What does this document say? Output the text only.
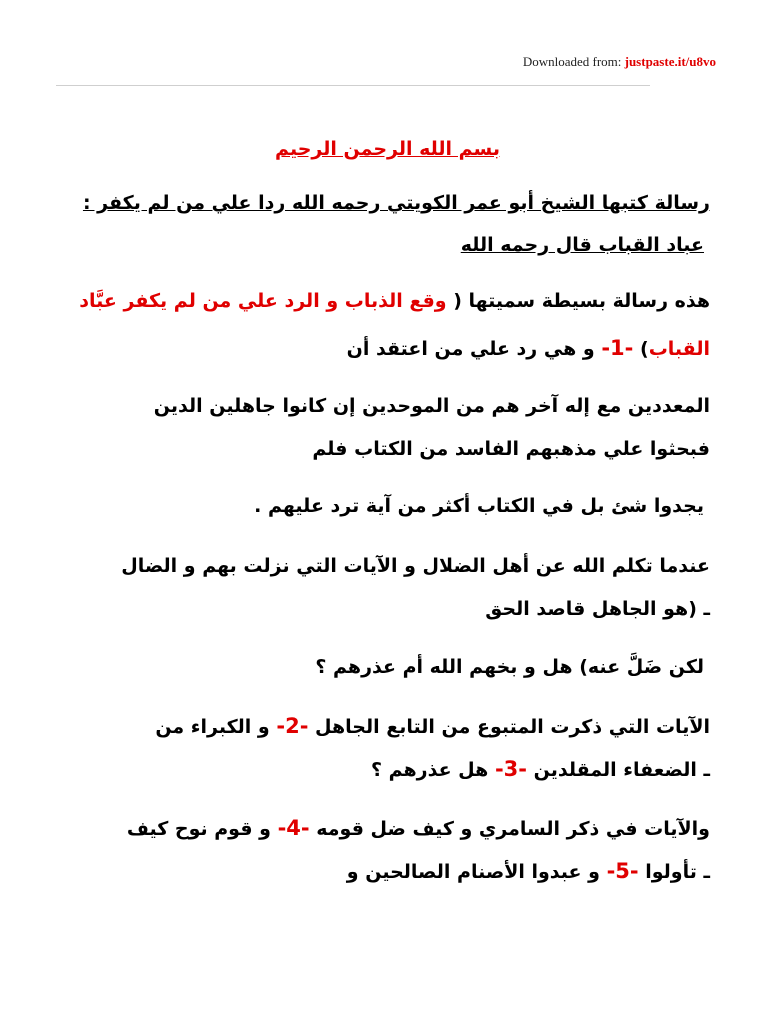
Downloaded from: justpaste.it/u8vo
بسم الله الرحمن الرحيم
رسالة كتبها الشيخ أبو عمر الكويتي رحمه الله ردا علي من لم يكفر :
عباد القباب قال رحمه الله
هذه رسالة بسيطة سميتها ( وقع الذباب و الرد علي من لم يكفر عبَّاد
القباب) -1- و هي رد علي من اعتقد أن
المعددين مع إله آخر هم من الموحدين إن كانوا جاهلين الدين
فبحثوا علي مذهبهم الفاسد من الكتاب فلم
يجدوا شئ بل في الكتاب أكثر من آية ترد عليهم .
عندما تكلم الله عن أهل الضلال و الآيات التي نزلت بهم و الضال
ـ (هو الجاهل قاصد الحق
لكن ضَلَّ عنه) هل و بخهم الله أم عذرهم ؟
الآيات التي ذكرت المتبوع من التابع الجاهل -2- و الكبراء من
ـ الضعفاء المقلدين -3- هل عذرهم ؟
والآيات في ذكر السامري و كيف ضل قومه -4- و قوم نوح كيف
ـ تأولوا -5- و عبدوا الأصنام الصالحين و
